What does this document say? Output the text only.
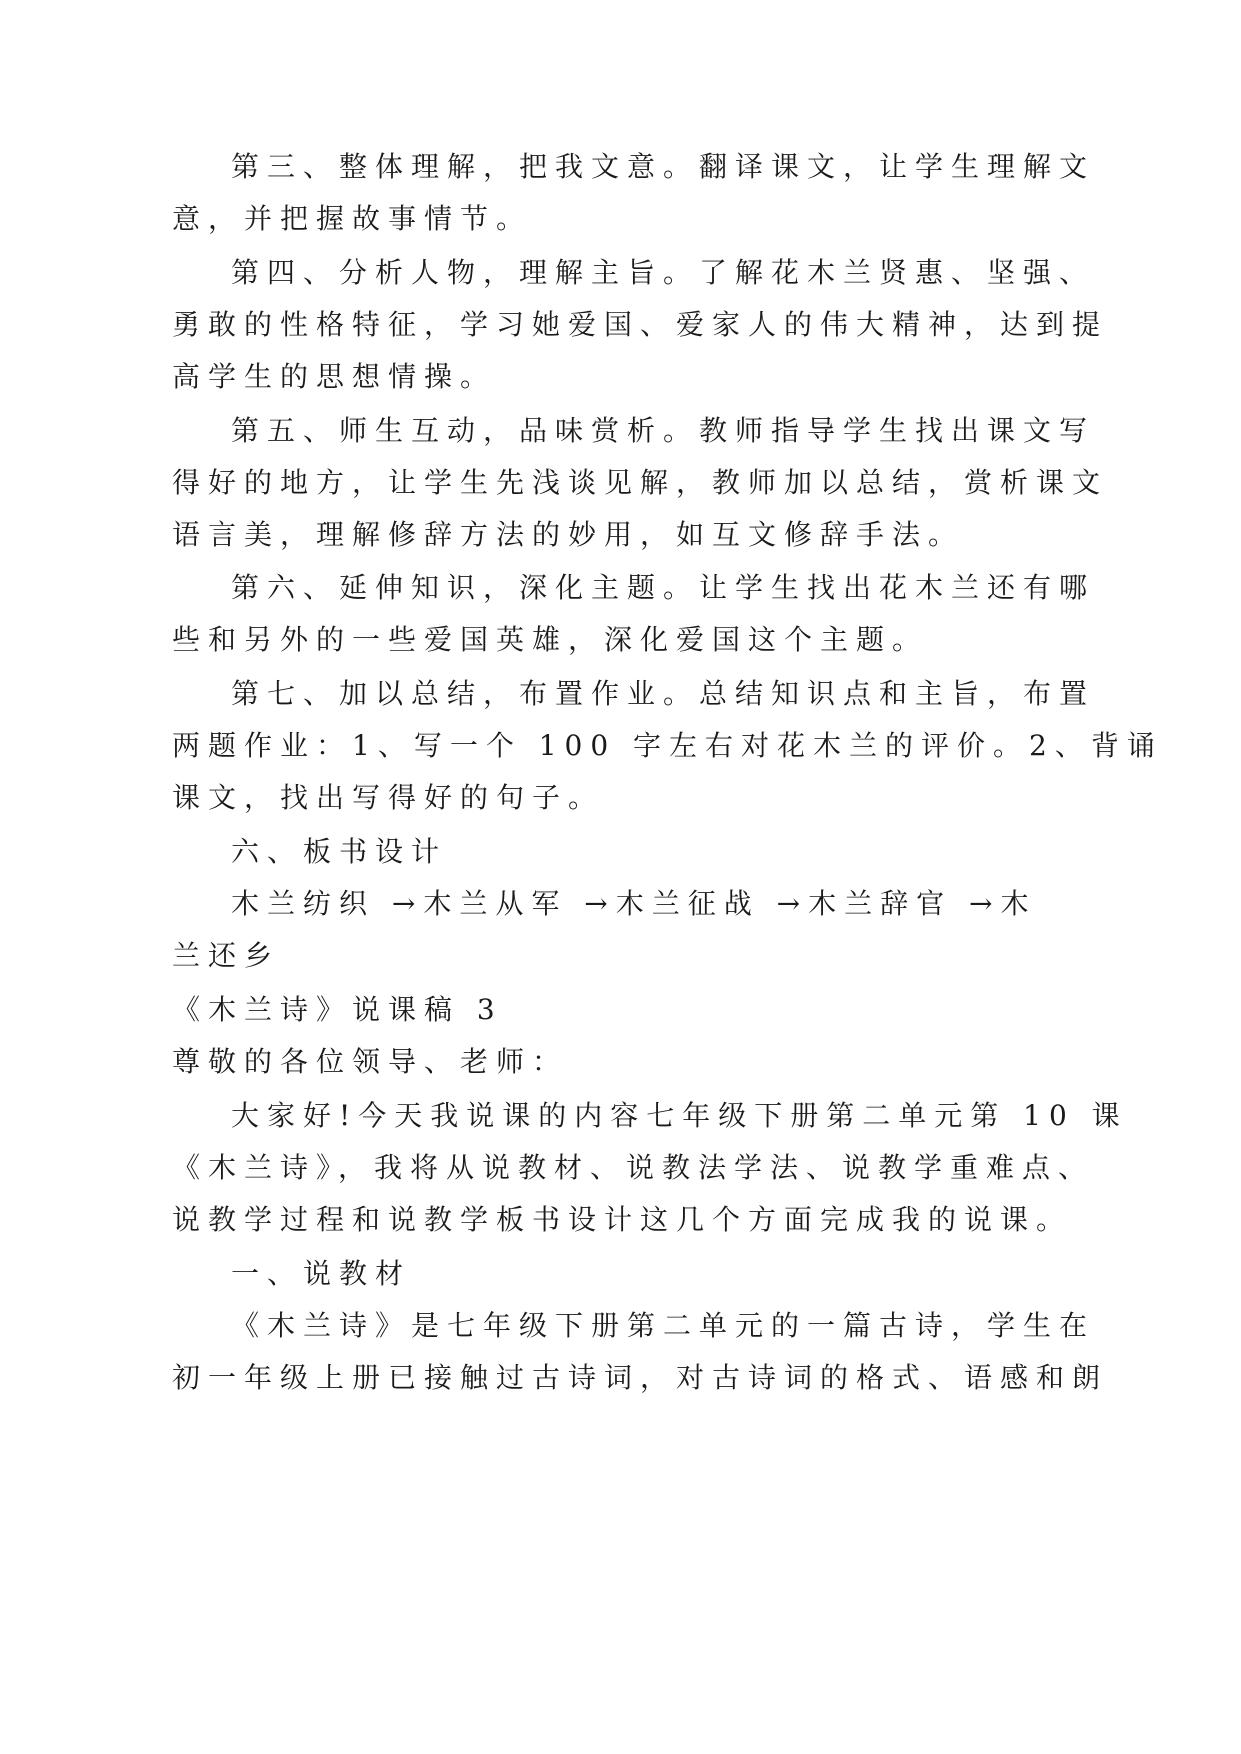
第三、整体理解，把我文意。翻译课文，让学生理解文
意，并把握故事情节。
第四、分析人物，理解主旨。了解花木兰贤惠、坚强、
勇敢的性格特征，学习她爱国、爱家人的伟大精神，达到提
高学生的思想情操。
第五、师生互动，品味赏析。教师指导学生找出课文写
得好的地方，让学生先浅谈见解，教师加以总结，赏析课文
语言美，理解修辞方法的妙用，如互文修辞手法。
第六、延伸知识，深化主题。让学生找出花木兰还有哪
些和另外的一些爱国英雄，深化爱国这个主题。
第七、加以总结，布置作业。总结知识点和主旨，布置
两题作业：1、写一个 100 字左右对花木兰的评价。2、背诵
课文，找出写得好的句子。
六、板书设计
木兰纺织 →木兰从军 →木兰征战 →木兰辞官 →木
兰还乡
《木兰诗》说课稿 3
尊敬的各位领导、老师：
大家好!今天我说课的内容七年级下册第二单元第 10 课
《木兰诗》，我将从说教材、说教法学法、说教学重难点、
说教学过程和说教学板书设计这几个方面完成我的说课。
一、说教材
《木兰诗》是七年级下册第二单元的一篇古诗，学生在
初一年级上册已接触过古诗词，对古诗词的格式、语感和朗
